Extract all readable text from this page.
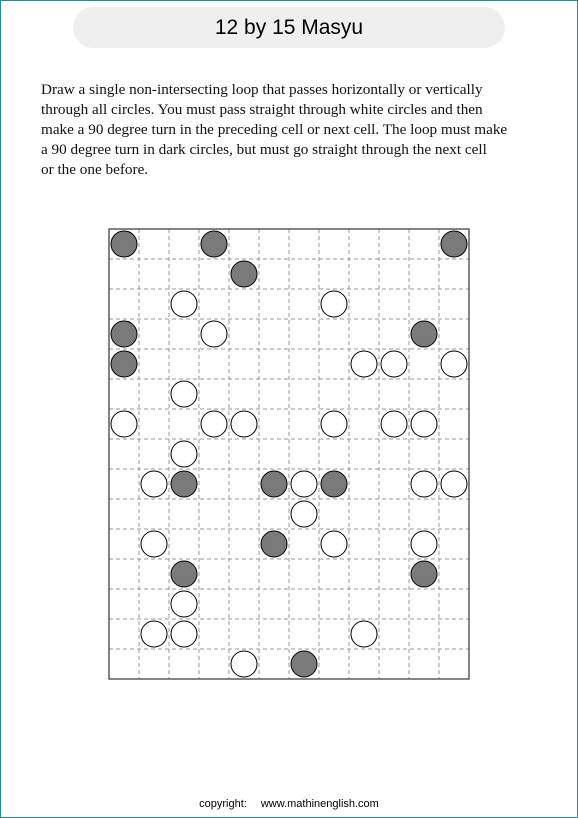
12 by 15 Masyu

Draw a single non-intersecting loop that passes horizontally or vertically

through all circles. You must pass straight through white circles and then

make a 90 degree turn in the preceding cell or next cell. The loop must make

a 90 degree turn in dark circles, but must go straight through the next cell

or the one before.

copyright: www.mathinenglish.com
